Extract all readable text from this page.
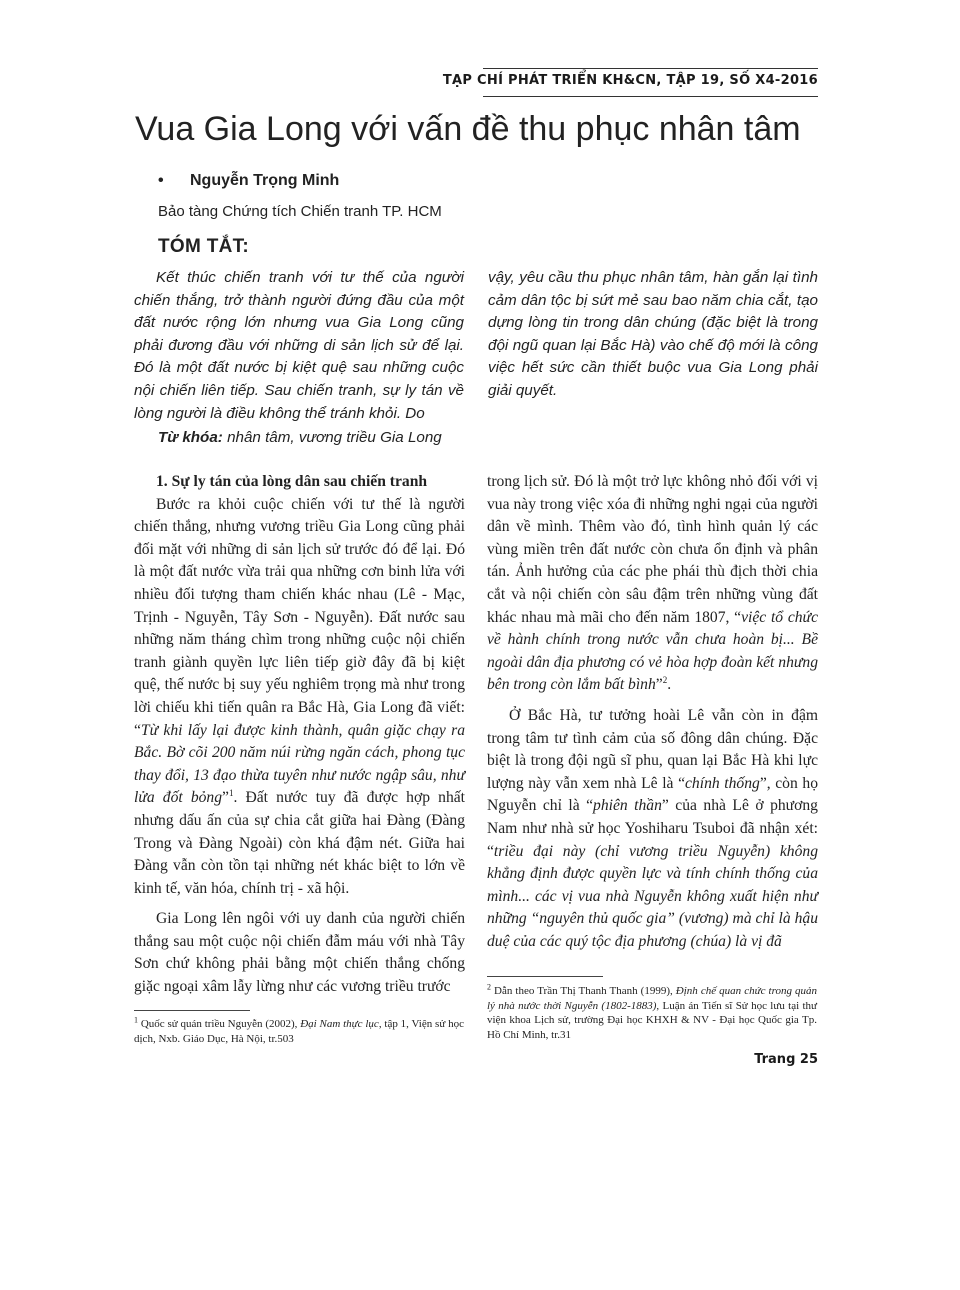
TẠP CHÍ PHÁT TRIỂN KH&CN, TẬP 19, SỐ X4-2016
Vua Gia Long với vấn đề thu phục nhân tâm
• Nguyễn Trọng Minh
Bảo tàng Chứng tích Chiến tranh TP. HCM
TÓM TẮT:
Kết thúc chiến tranh với tư thế của người chiến thắng, trở thành người đứng đầu của một đất nước rộng lớn nhưng vua Gia Long cũng phải đương đầu với những di sản lịch sử để lại. Đó là một đất nước bị kiệt quệ sau những cuộc nội chiến liên tiếp. Sau chiến tranh, sự ly tán về lòng người là điều không thể tránh khỏi. Do
vậy, yêu cầu thu phục nhân tâm, hàn gắn lại tình cảm dân tộc bị sứt mẻ sau bao năm chia cắt, tạo dựng lòng tin trong dân chúng (đặc biệt là trong đội ngũ quan lại Bắc Hà) vào chế độ mới là công việc hết sức cần thiết buộc vua Gia Long phải giải quyết.
Từ khóa: nhân tâm, vương triều Gia Long

1. Sự ly tán của lòng dân sau chiến tranh

Bước ra khỏi cuộc chiến với tư thế là người chiến thắng, nhưng vương triều Gia Long cũng phải đối mặt với những di sản lịch sử trước đó để lại. Đó là một đất nước vừa trải qua những cơn binh lửa với nhiều đối tượng tham chiến khác nhau (Lê - Mạc, Trịnh - Nguyễn, Tây Sơn - Nguyễn). Đất nước sau những năm tháng chìm trong những cuộc nội chiến tranh giành quyền lực liên tiếp giờ đây đã bị kiệt quệ, thế nước bị suy yếu nghiêm trọng mà như trong lời chiếu khi tiến quân ra Bắc Hà, Gia Long đã viết: “Từ khi lấy lại được kinh thành, quân giặc chạy ra Bắc. Bờ cõi 200 năm núi rừng ngăn cách, phong tục thay đổi, 13 đạo thừa tuyên như nước ngập sâu, như lửa đốt bỏng”$^1$. Đất nước tuy đã được hợp nhất nhưng dấu ấn của sự chia cắt giữa hai Đàng (Đàng Trong và Đàng Ngoài) còn khá đậm nét. Giữa hai Đàng vẫn còn tồn tại những nét khác biệt to lớn về kinh tế, văn hóa, chính trị - xã hội.

Gia Long lên ngôi với uy danh của người chiến thắng sau một cuộc nội chiến đẫm máu với nhà Tây Sơn chứ không phải bằng một chiến thắng chống giặc ngoại xâm lẫy lừng như các vương triều trước

trong lịch sử. Đó là một trở lực không nhỏ đối với vị vua này trong việc xóa đi những nghi ngại của người dân về mình. Thêm vào đó, tình hình quản lý các vùng miền trên đất nước còn chưa ổn định và phân tán. Ảnh hưởng của các phe phái thù địch thời chia cắt và nội chiến còn sâu đậm trên những vùng đất khác nhau mà mãi cho đến năm 1807, “việc tổ chức về hành chính trong nước vẫn chưa hoàn bị... Bề ngoài dân địa phương có vẻ hòa hợp đoàn kết nhưng bên trong còn lắm bất bình”$^2$.

Ở Bắc Hà, tư tưởng hoài Lê vẫn còn in đậm trong tâm tư tình cảm của số đông dân chúng. Đặc biệt là trong đội ngũ sĩ phu, quan lại Bắc Hà khi lực lượng này vẫn xem nhà Lê là “chính thống”, còn họ Nguyễn chỉ là “phiên thần” của nhà Lê ở phương Nam như nhà sử học Yoshiharu Tsuboi đã nhận xét: “triều đại này (chỉ vương triều Nguyễn) không khẳng định được quyền lực và tính chính thống của mình... các vị vua nhà Nguyễn không xuất hiện như những “nguyên thủ quốc gia” (vương) mà chỉ là hậu duệ của các quý tộc địa phương (chúa) là vị đã

$^1$ Quốc sử quán triều Nguyễn (2002), Đại Nam thực lục, tập 1, Viện sử học dịch, Nxb. Giáo Dục, Hà Nội, tr.503
$^2$ Dẫn theo Trần Thị Thanh Thanh (1999), Định chế quan chức trong quản lý nhà nước thời Nguyễn (1802-1883), Luận án Tiến sĩ Sử học lưu tại thư viện khoa Lịch sử, trường Đại học KHXH & NV - Đại học Quốc gia Tp. Hồ Chí Minh, tr.31
Trang 25
